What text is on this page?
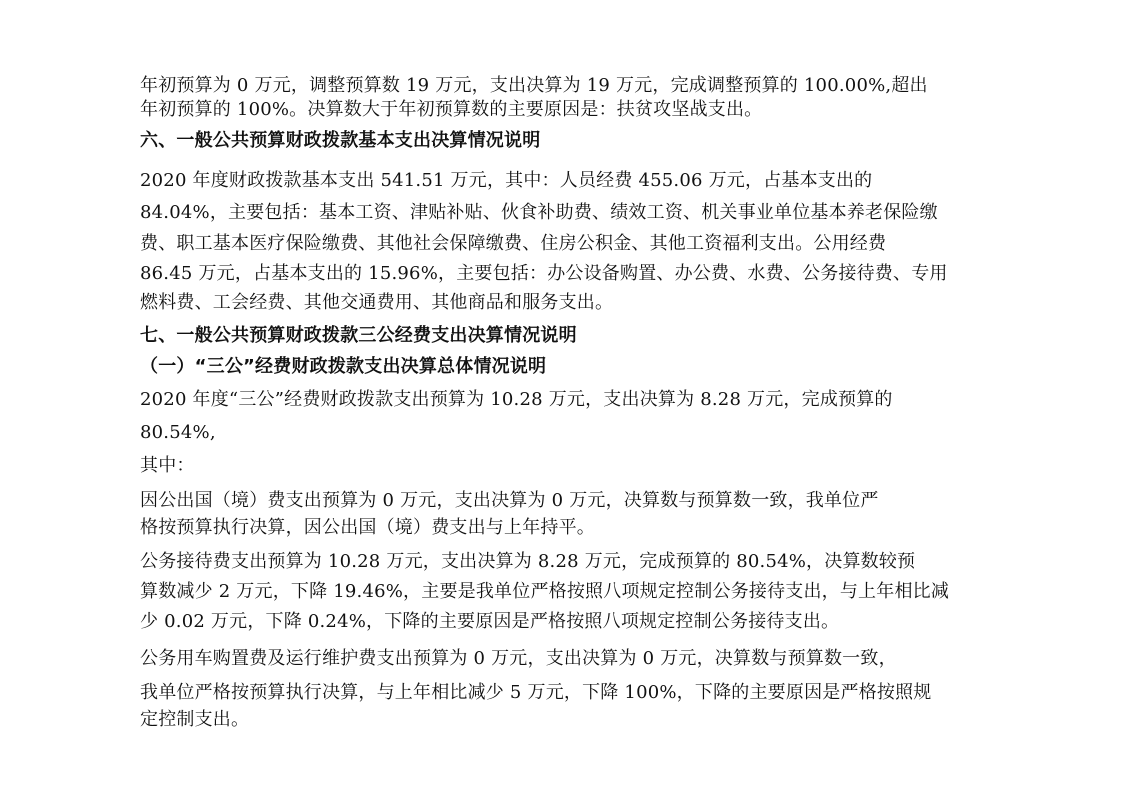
年初预算为 0 万元，调整预算数 19 万元，支出决算为 19 万元，完成调整预算的 100.00%,超出
年初预算的 100%。决算数大于年初预算数的主要原因是：扶贫攻坚战支出。
六、一般公共预算财政拨款基本支出决算情况说明
2020 年度财政拨款基本支出 541.51 万元，其中：人员经费 455.06 万元，占基本支出的
84.04%，主要包括：基本工资、津贴补贴、伙食补助费、绩效工资、机关事业单位基本养老保险缴
费、职工基本医疗保险缴费、其他社会保障缴费、住房公积金、其他工资福利支出。公用经费
86.45 万元，占基本支出的 15.96%，主要包括：办公设备购置、办公费、水费、公务接待费、专用
燃料费、工会经费、其他交通费用、其他商品和服务支出。
七、一般公共预算财政拨款三公经费支出决算情况说明
（一）“三公”经费财政拨款支出决算总体情况说明
2020 年度“三公”经费财政拨款支出预算为 10.28 万元，支出决算为 8.28 万元，完成预算的
80.54%,
其中：
因公出国（境）费支出预算为 0 万元，支出决算为 0 万元，决算数与预算数一致，我单位严
格按预算执行决算，因公出国（境）费支出与上年持平。
公务接待费支出预算为 10.28 万元，支出决算为 8.28 万元，完成预算的 80.54%，决算数较预
算数减少 2 万元，下降 19.46%，主要是我单位严格按照八项规定控制公务接待支出，与上年相比减
少 0.02 万元，下降 0.24%，下降的主要原因是严格按照八项规定控制公务接待支出。
公务用车购置费及运行维护费支出预算为 0 万元，支出决算为 0 万元，决算数与预算数一致，
我单位严格按预算执行决算，与上年相比减少 5 万元，下降 100%，下降的主要原因是严格按照规
定控制支出。
